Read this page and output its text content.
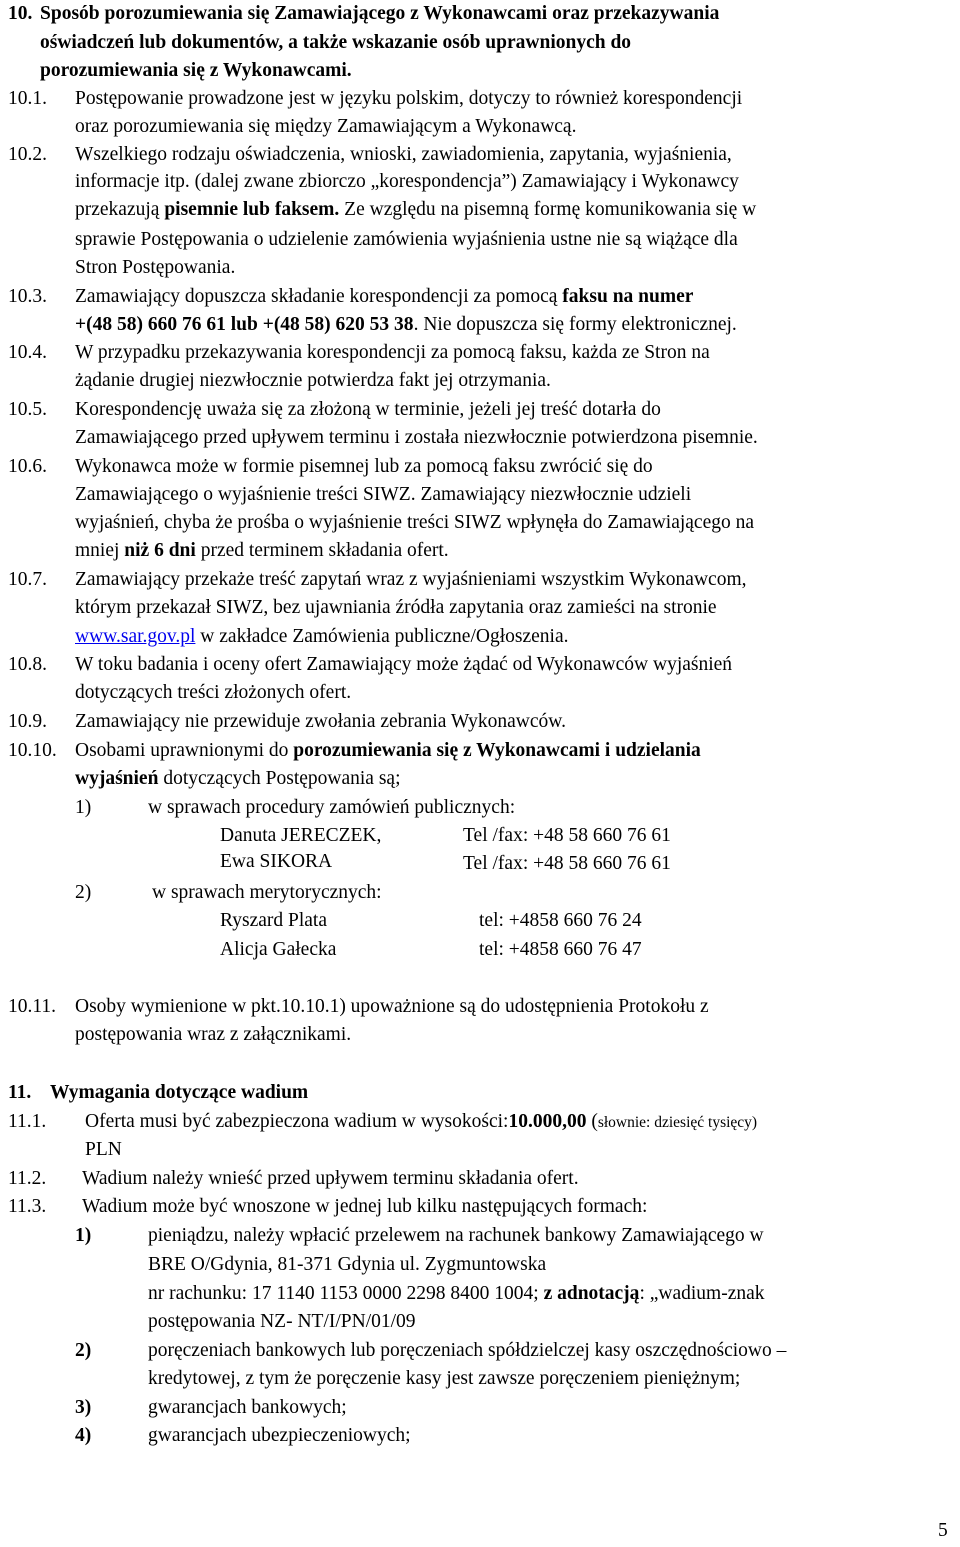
10. Sposób porozumiewania się Zamawiającego z Wykonawcami oraz przekazywania
oświadczeń lub dokumentów, a także wskazanie osób uprawnionych do
porozumiewania się z Wykonawcami.
10.1. Postępowanie prowadzone jest w języku polskim, dotyczy to również korespondencji
oraz porozumiewania się między Zamawiającym a Wykonawcą.
10.2. Wszelkiego rodzaju oświadczenia, wnioski, zawiadomienia, zapytania, wyjaśnienia,
informacje itp. (dalej zwane zbiorczo „korespondencja”) Zamawiający i Wykonawcy
przekazują pisemnie lub faksem. Ze względu na pisemną formę komunikowania się w
sprawie Postępowania o udzielenie zamówienia wyjaśnienia ustne nie są wiążące dla
Stron Postępowania.
10.3. Zamawiający dopuszcza składanie korespondencji za pomocą faksu na numer
+(48 58) 660 76 61 lub +(48 58) 620 53 38. Nie dopuszcza się formy elektronicznej.
10.4. W przypadku przekazywania korespondencji za pomocą faksu, każda ze Stron na
żądanie drugiej niezwłocznie potwierdza fakt jej otrzymania.
10.5. Korespondencję uważa się za złożoną w terminie, jeżeli jej treść dotarła do
Zamawiającego przed upływem terminu i została niezwłocznie potwierdzona pisemnie.
10.6. Wykonawca może w formie pisemnej lub za pomocą faksu zwrócić się do
Zamawiającego o wyjaśnienie treści SIWZ. Zamawiający niezwłocznie udzieli
wyjaśnień, chyba że prośba o wyjaśnienie treści SIWZ wpłynęła do Zamawiającego na
mniej niż 6 dni przed terminem składania ofert.
10.7. Zamawiający przekaże treść zapytań wraz z wyjaśnieniami wszystkim Wykonawcom,
którym przekazał SIWZ, bez ujawniania źródła zapytania oraz zamieści na stronie
www.sar.gov.pl w zakładce Zamówienia publiczne/Ogłoszenia.
10.8. W toku badania i oceny ofert Zamawiający może żądać od Wykonawców wyjaśnień
dotyczących treści złożonych ofert.
10.9. Zamawiający nie przewiduje zwołania zebrania Wykonawców.
10.10. Osobami uprawnionymi do porozumiewania się z Wykonawcami i udzielania
wyjaśnień dotyczących Postępowania są;
1)	w sprawach procedury zamówień publicznych:
Danuta JERECZEK,	Tel /fax: +48 58 660 76 61
Ewa SIKORA	Tel /fax: +48 58 660 76 61
2)	w sprawach merytorycznych:
Ryszard Plata	tel: +4858 660 76 24
Alicja Gałecka	tel: +4858 660 76 47
10.11. Osoby wymienione w pkt.10.10.1) upoważnione są do udostępnienia Protokołu z
postępowania wraz z załącznikami.
11. Wymagania dotyczące wadium
11.1. Oferta musi być zabezpieczona wadium w wysokości:10.000,00 (słownie: dziesięć tysięcy)
PLN
11.2. Wadium należy wnieść przed upływem terminu składania ofert.
11.3. Wadium może być wnoszone w jednej lub kilku następujących formach:
1)	pieniądzu, należy wpłacić przelewem na rachunek bankowy Zamawiającego w
BRE O/Gdynia, 81-371 Gdynia ul. Zygmuntowska
nr rachunku: 17 1140 1153 0000 2298 8400 1004; z adnotacją: „wadium-znak
postępowania NZ- NT/I/PN/01/09
2)	poręczeniach bankowych lub poręczeniach spółdzielczej kasy oszczędnościowo –
kredytowej, z tym że poręczenie kasy jest zawsze poręczeniem pieniężnym;
3)	gwarancjach bankowych;
4)	gwarancjach ubezpieczeniowych;
5
